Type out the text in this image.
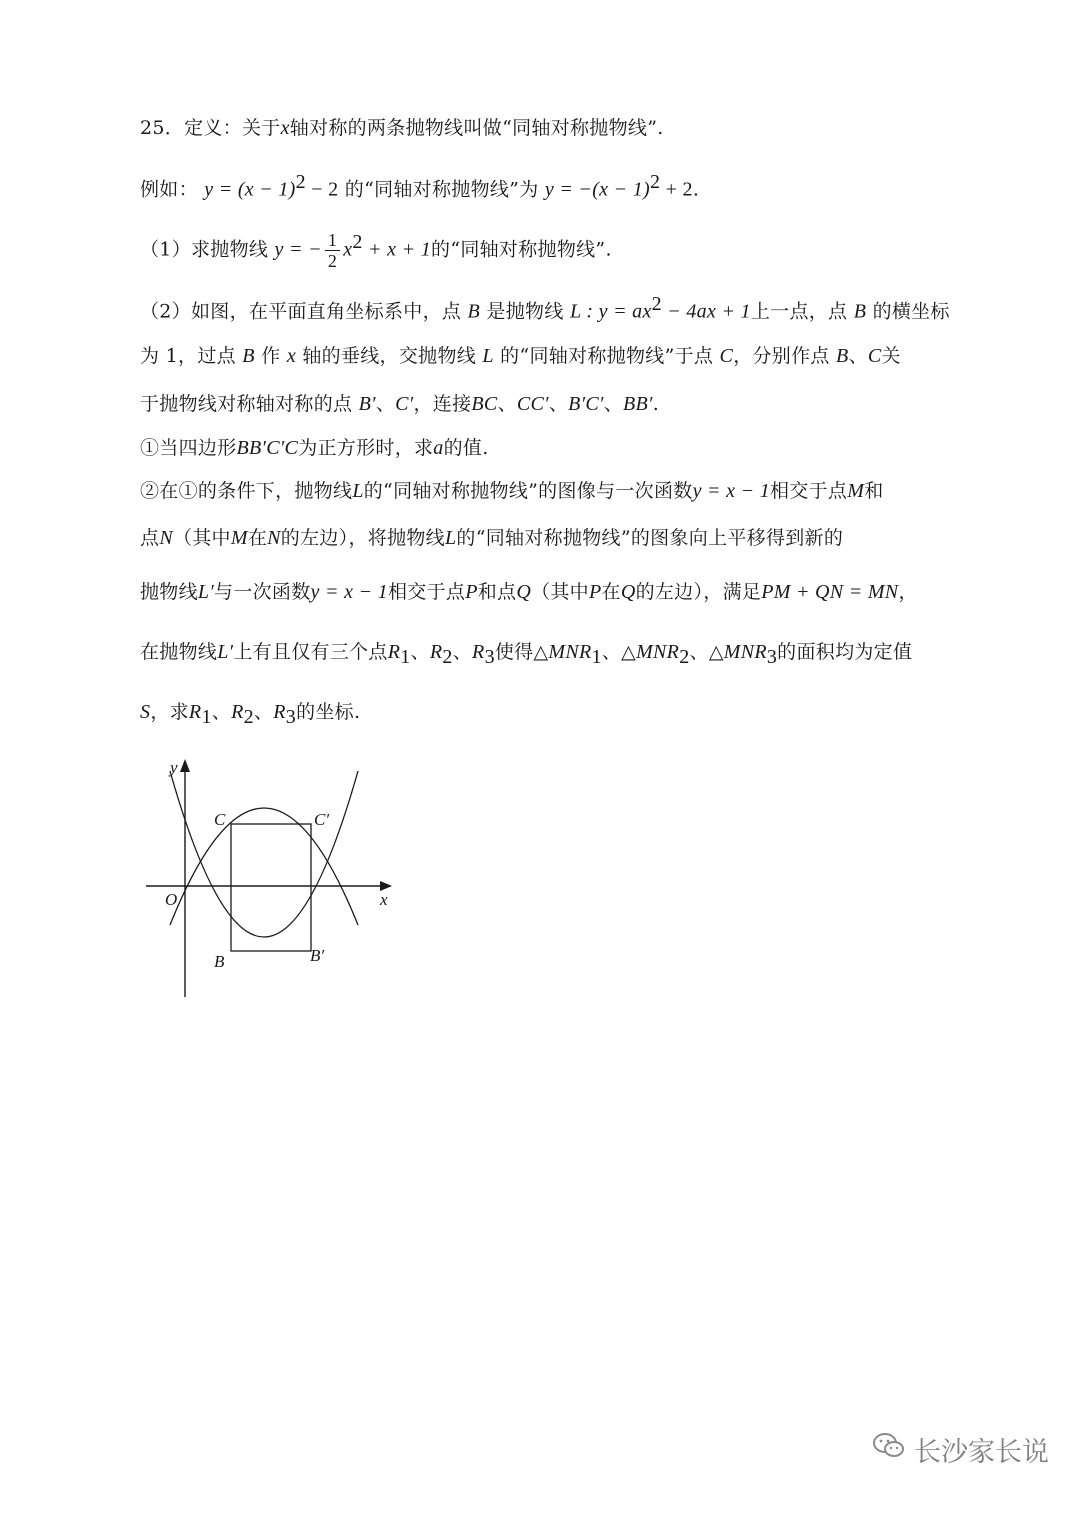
25．定义：关于x轴对称的两条抛物线叫做“同轴对称抛物线”.
例如： $y = (x - 1)^2 - 2$ 的“同轴对称抛物线”为 $y = -(x - 1)^2 + 2$.
（1）求抛物线 y = − $\frac{1}{2} x^2 + x + 1$的“同轴对称抛物线”.
（2）如图，在平面直角坐标系中，点 B 是抛物线 L : $y = ax^2 - 4ax + 1$上一点，点 B 的横坐标
为 1，过点 B 作 x 轴的垂线，交抛物线 L 的“同轴对称抛物线”于点 C，分别作点 B、C关
于抛物线对称轴对称的点 B′、C′，连接BC、CC′、B′C′、BB′.
①当四边形BB′C′C为正方形时，求a的值.
②在①的条件下，抛物线L的“同轴对称抛物线”的图像与一次函数y = x − 1相交于点M和
点N（其中M在N的左边），将抛物线L的“同轴对称抛物线”的图象向上平移得到新的
抛物线L′与一次函数y = x − 1相交于点P和点Q（其中P在Q的左边），满足PM + QN = MN，
在抛物线L′上有且仅有三个点$R_1$、$R_2$、$R_3$使得$\triangle MNR_1$、$\triangle MNR_2$、$\triangle MNR_3$的面积均为定值
S，求$R_1$、$R_2$、$R_3$的坐标.
y
x
O
C	C′
B	B′
长沙家长说
